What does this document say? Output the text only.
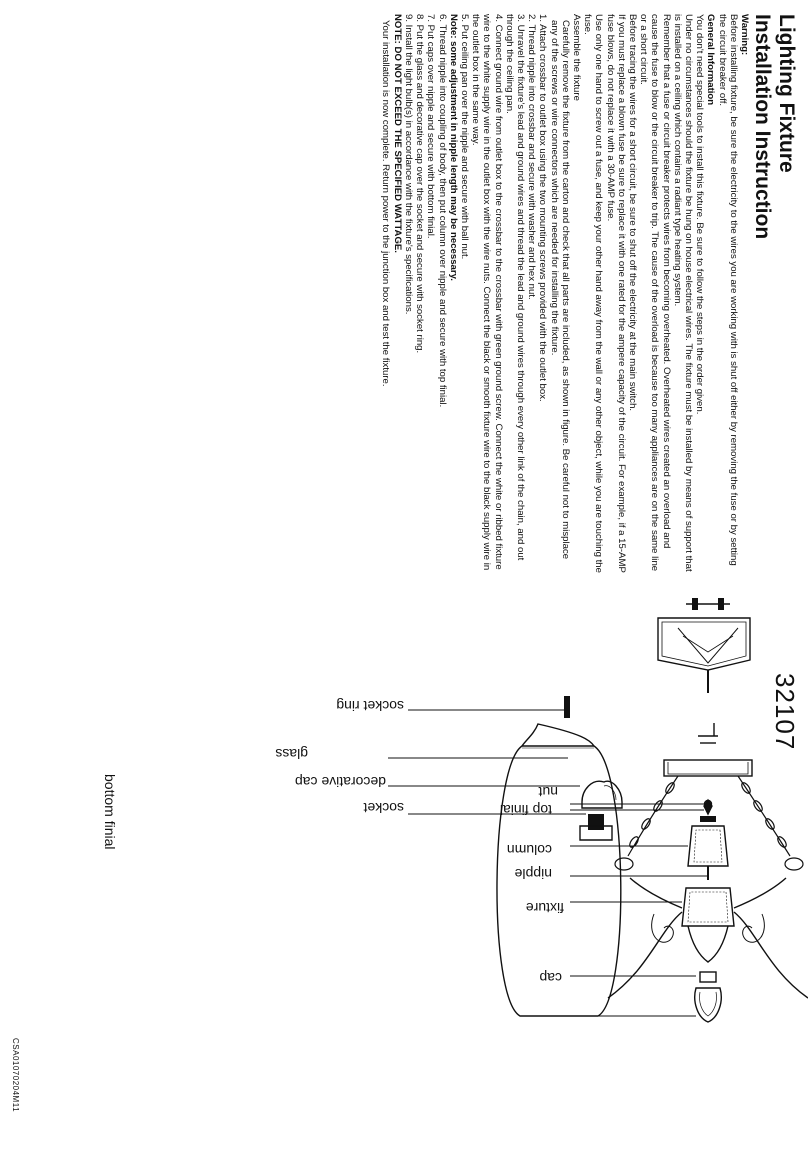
Lighting Fixture
Installation Instruction

Warning:

Before installing fixture, be sure the electricity to the wires you are working with is shut off either by removing the fuse or by setting the circuit breaker off.

General Information

You don't need special tools to install this fixture. Be sure to follow the steps in the order given.

Under no circumstances should the fixture be hung on house electrical wires. The fixture must be installed by means of support that is installed on a ceiling which contains a radiant type heating system.

Remember that a fuse or circuit breaker protects wires from becoming overheated. Overheated wires created an overload and cause the fuse to blow or the circuit breaker to trip. The cause of the overload is because too many appliances are on the same line or a short circuit.

Before tracing the wires for a short circuit, be sure to shut off the electricity at the main switch.

If you must replace a blown fuse be sure to replace it with one rated for the ampere capacity of the circuit. For example, if a 15-AMP fuse blows, do not replace it with a 30-AMP fuse.

Use only one hand to screw out a fuse, and keep your other hand away from the wall or any other object, while you are touching the fuse.

Assemble the fixture

Carefully remove the fixture from the carton and check that all parts are included, as shown in figure. Be careful not to misplace any of the screws or wire connectors which are needed for installing the fixture.

1. Attach crossbar to outlet box using the two mounting screws provided with the outlet box.

2. Thread nipple into crossbar and secure with washer and hex nut.

3. Unravel the fixture's lead and ground wires and thread the lead and ground wires through every other link of the chain, and out through the ceiling pan.

4. Connect ground wire from outlet box to the crossbar to the crossbar with green ground screw. Connect the white or ribbed fixture wire to the white supply wire in the outlet box with the wire nuts. Connect the black or smooth fixture wire to the black supply wire in the outlet box in the same way.

5. Put ceiling pan over the nipple and secure with ball nut.

Note: some adjustment in nipple length may be necessary.

6. Thread nipple into coupling of body, then put column over nipple and secure with top finial.

7. Put caps over nipple and secure with bottom finial.

8. Put the glass and decorative cap over the socket and secure with socket ring.

9. Install the light bulb(s) in accordance with the fixture's specifications.

NOTE: DO NOT EXCEED THE SPECIFIED WATTAGE.

Your installation is now complete. Return power to the junction box and test the fixture.

32107
nut
top finial
column
nipple
fixture
bottom finial
cap
socket
decorative cap
glass
socket ring
CSA01070204M11
